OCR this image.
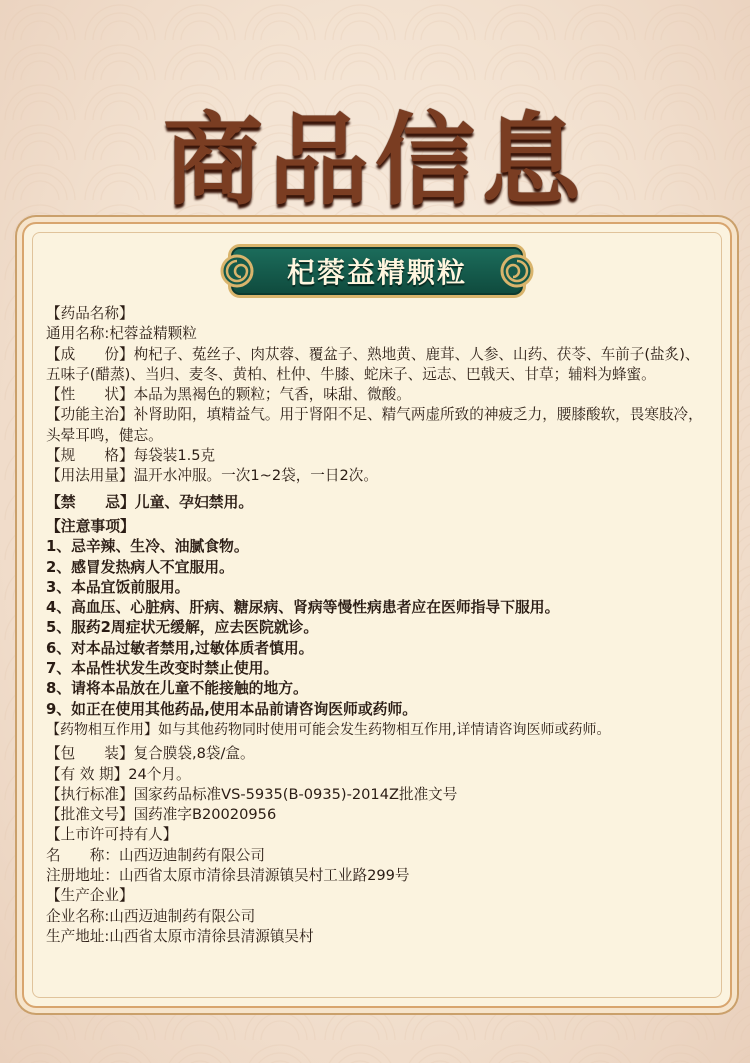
商品信息
杞蓉益精颗粒
【药品名称】
通用名称:杞蓉益精颗粒
【成　　份】枸杞子、菟丝子、肉苁蓉、覆盆子、熟地黄、鹿茸、人参、山药、茯苓、车前子(盐炙)、五味子(醋蒸)、当归、麦冬、黄柏、杜仲、牛膝、蛇床子、远志、巴戟天、甘草；辅料为蜂蜜。
【性　　状】本品为黑褐色的颗粒；气香，味甜、微酸。
【功能主治】补肾助阳，填精益气。用于肾阳不足、精气两虚所致的神疲乏力，腰膝酸软，畏寒肢冷，头晕耳鸣，健忘。
【规　　格】每袋装1.5克
【用法用量】温开水冲服。一次1~2袋，一日2次。
【禁　　忌】儿童、孕妇禁用。
【注意事项】
1、忌辛辣、生冷、油腻食物。
2、感冒发热病人不宜服用。
3、本品宜饭前服用。
4、高血压、心脏病、肝病、糖尿病、肾病等慢性病患者应在医师指导下服用。
5、服药2周症状无缓解，应去医院就诊。
6、对本品过敏者禁用,过敏体质者慎用。
7、本品性状发生改变时禁止使用。
8、请将本品放在儿童不能接触的地方。
9、如正在使用其他药品,使用本品前请咨询医师或药师。
【药物相互作用】如与其他药物同时使用可能会发生药物相互作用,详情请咨询医师或药师。
【包　　装】复合膜袋,8袋/盒。
【有 效 期】24个月。
【执行标准】国家药品标准VS-5935(B-0935)-2014Z批准文号
【批准文号】国药准字B20020956
【上市许可持有人】
名　　称：山西迈迪制药有限公司
注册地址：山西省太原市清徐县清源镇吴村工业路299号
【生产企业】
企业名称:山西迈迪制药有限公司
生产地址:山西省太原市清徐县清源镇吴村
